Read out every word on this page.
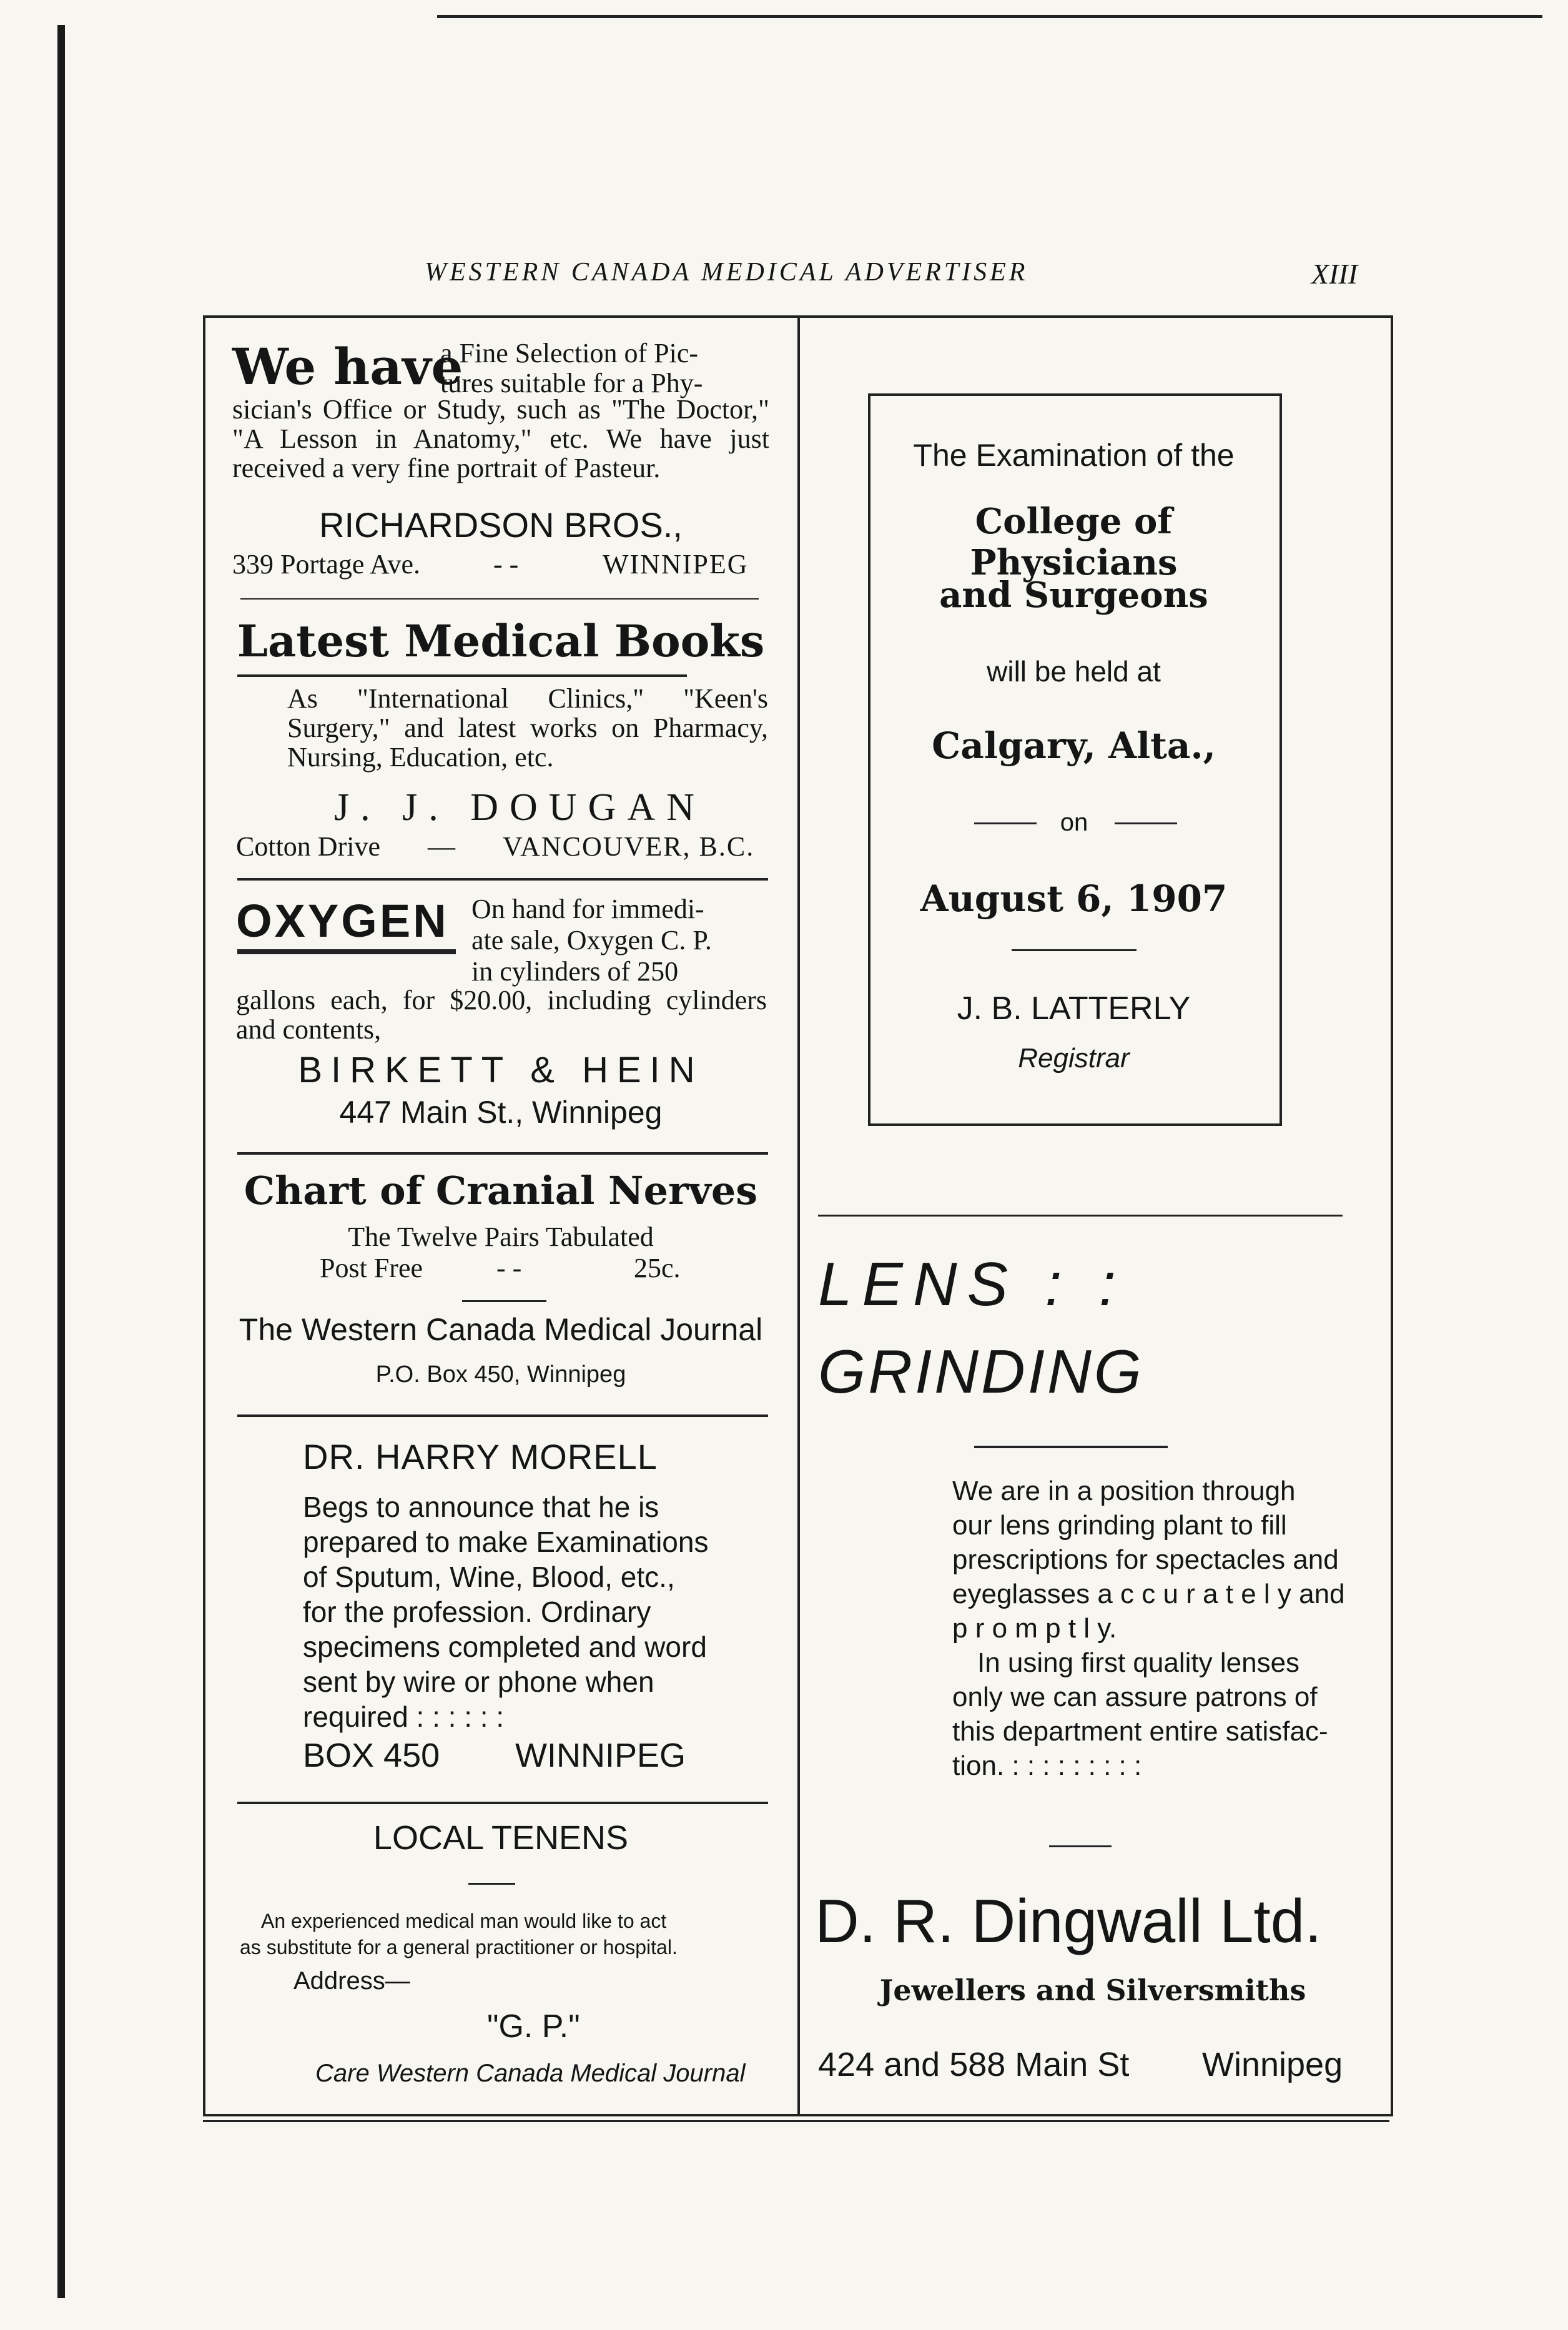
WESTERN CANADA MEDICAL ADVERTISER	XIII
We have
a Fine Selection of Pic-
tures suitable for a Phy-
sician's Office or Study, such as "The Doctor," "A Lesson in Anatomy," etc. We have just received a very fine portrait of Pasteur.
RICHARDSON BROS.,
339 Portage Ave.	- -	WINNIPEG
Latest Medical Books
As "International Clinics," "Keen's Surgery," and latest works on Pharmacy, Nursing, Education, etc.
J. J. DOUGAN
Cotton Drive — VANCOUVER, B.C.
OXYGEN On hand for immedi-
ate sale, Oxygen C. P.
in cylinders of 250
gallons each, for $20.00, including cylinders and contents,
BIRKETT & HEIN
447 Main St., Winnipeg
Chart of Cranial Nerves
The Twelve Pairs Tabulated
Post Free	- -	25c.
The Western Canada Medical Journal
P.O. Box 450, Winnipeg
DR. HARRY MORELL
Begs to announce that he is
prepared to make Examinations
of Sputum, Wine, Blood, etc.,
for the profession. Ordinary
specimens completed and word
sent by wire or phone when
required : : : : : :
BOX 450 WINNIPEG
LOCAL TENENS
An experienced medical man would like to act
as substitute for a general practitioner or hospital.
Address—
"G. P."
Care Western Canada Medical Journal
The Examination of the
College of Physicians
and Surgeons
will be held at
Calgary, Alta.,
on
August 6, 1907
J. B. LATTERLY
Registrar
LENS : :
GRINDING
We are in a position through
our lens grinding plant to fill
prescriptions for spectacles and
eyeglasses a c c u r a t e l y and
p r o m p t l y.
In using first quality lenses
only we can assure patrons of
this department entire satisfac-
tion. : : : : : : : : :
D. R. Dingwall Ltd.
Jewellers and Silversmiths
424 and 588 Main St Winnipeg
